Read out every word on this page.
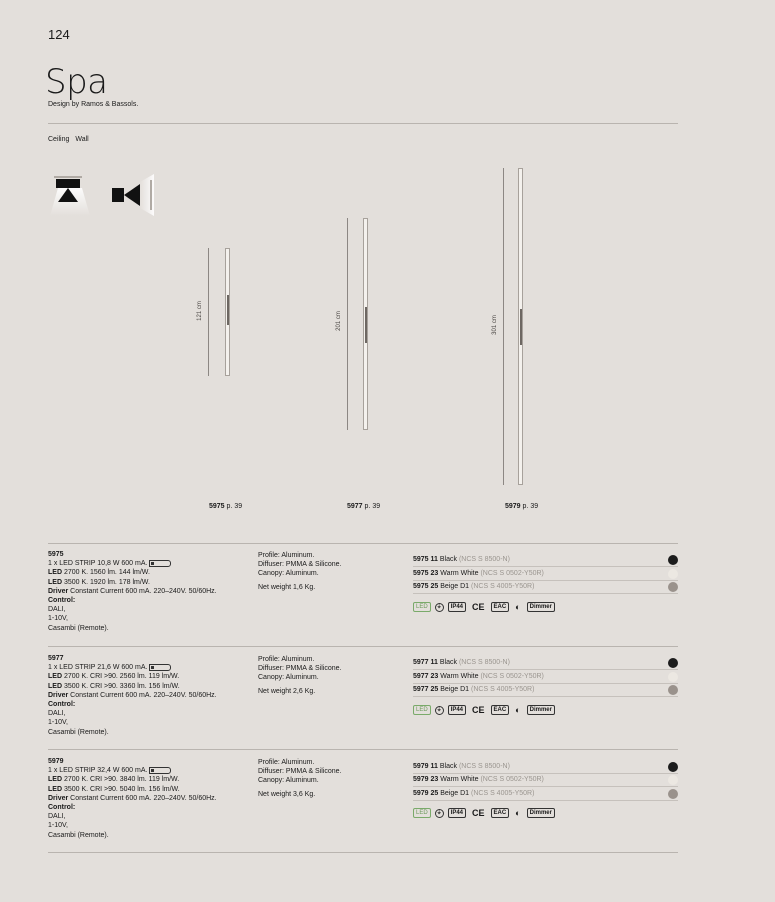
124
Spa
Design by Ramos & Bassols.
Ceiling Wall
121 cm
5975 p. 39
201 cm
5977 p. 39
301 cm
5979 p. 39
5975
1 x LED STRIP 10,8 W 600 mA.
LED 2700 K. 1560 lm. 144 lm/W.
LED 3500 K. 1920 lm. 178 lm/W.
Driver Constant Current 600 mA. 220–240V. 50/60Hz.
Control:
DALI,
1-10V,
Casambi (Remote).
Profile: Aluminum.
Diffuser: PMMA & Silicone.
Canopy: Aluminum.
Net weight 1,6 Kg.
5975 11 Black (NCS S 8500-N)
5975 23 Warm White (NCS S 0502-Y50R)
5975 25 Beige D1 (NCS S 4005-Y50R)
LED	⏚	IP44	CE	EAC	◐	Dimmer
5977
1 x LED STRIP 21,6 W 600 mA.
LED 2700 K. CRI >90. 2560 lm. 119 lm/W.
LED 3500 K. CRI >90. 3360 lm. 156 lm/W.
Driver Constant Current 600 mA. 220–240V. 50/60Hz.
Control:
DALI,
1-10V,
Casambi (Remote).
Profile: Aluminum.
Diffuser: PMMA & Silicone.
Canopy: Aluminum.
Net weight 2,6 Kg.
5977 11 Black (NCS S 8500-N)
5977 23 Warm White (NCS S 0502-Y50R)
5977 25 Beige D1 (NCS S 4005-Y50R)
LED	⏚	IP44	CE	EAC	◐	Dimmer
5979
1 x LED STRIP 32,4 W 600 mA.
LED 2700 K. CRI >90. 3840 lm. 119 lm/W.
LED 3500 K. CRI >90. 5040 lm. 156 lm/W.
Driver Constant Current 600 mA. 220–240V. 50/60Hz.
Control:
DALI,
1-10V,
Casambi (Remote).
Profile: Aluminum.
Diffuser: PMMA & Silicone.
Canopy: Aluminum.
Net weight 3,6 Kg.
5979 11 Black (NCS S 8500-N)
5979 23 Warm White (NCS S 0502-Y50R)
5979 25 Beige D1 (NCS S 4005-Y50R)
LED	⏚	IP44	CE	EAC	◐	Dimmer
